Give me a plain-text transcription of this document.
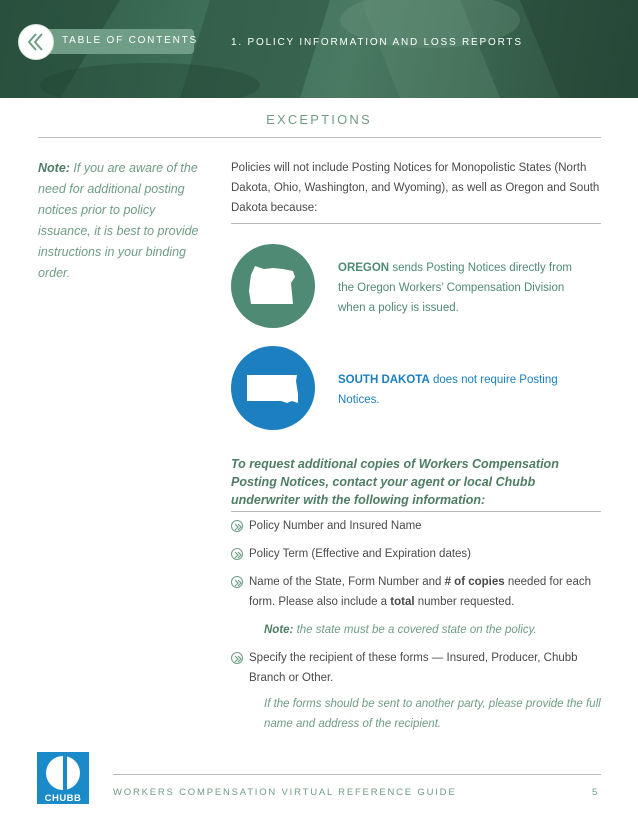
TABLE OF CONTENTS	1. POLICY INFORMATION AND LOSS REPORTS
EXCEPTIONS
Note: If you are aware of the need for additional posting notices prior to policy issuance, it is best to provide instructions in your binding order.
Policies will not include Posting Notices for Monopolistic States (North Dakota, Ohio, Washington, and Wyoming), as well as Oregon and South Dakota because:
OREGON sends Posting Notices directly from the Oregon Workers’ Compensation Division when a policy is issued.
SOUTH DAKOTA does not require Posting Notices.
To request additional copies of Workers Compensation Posting Notices, contact your agent or local Chubb underwriter with the following information:
Policy Number and Insured Name
Policy Term (Effective and Expiration dates)
Name of the State, Form Number and # of copies needed for each form. Please also include a total number requested.
Note: the state must be a covered state on the policy.
Specify the recipient of these forms — Insured, Producer, Chubb Branch or Other.
If the forms should be sent to another party, please provide the full name and address of the recipient.
CHUBB
WORKERS COMPENSATION VIRTUAL REFERENCE GUIDE	5
